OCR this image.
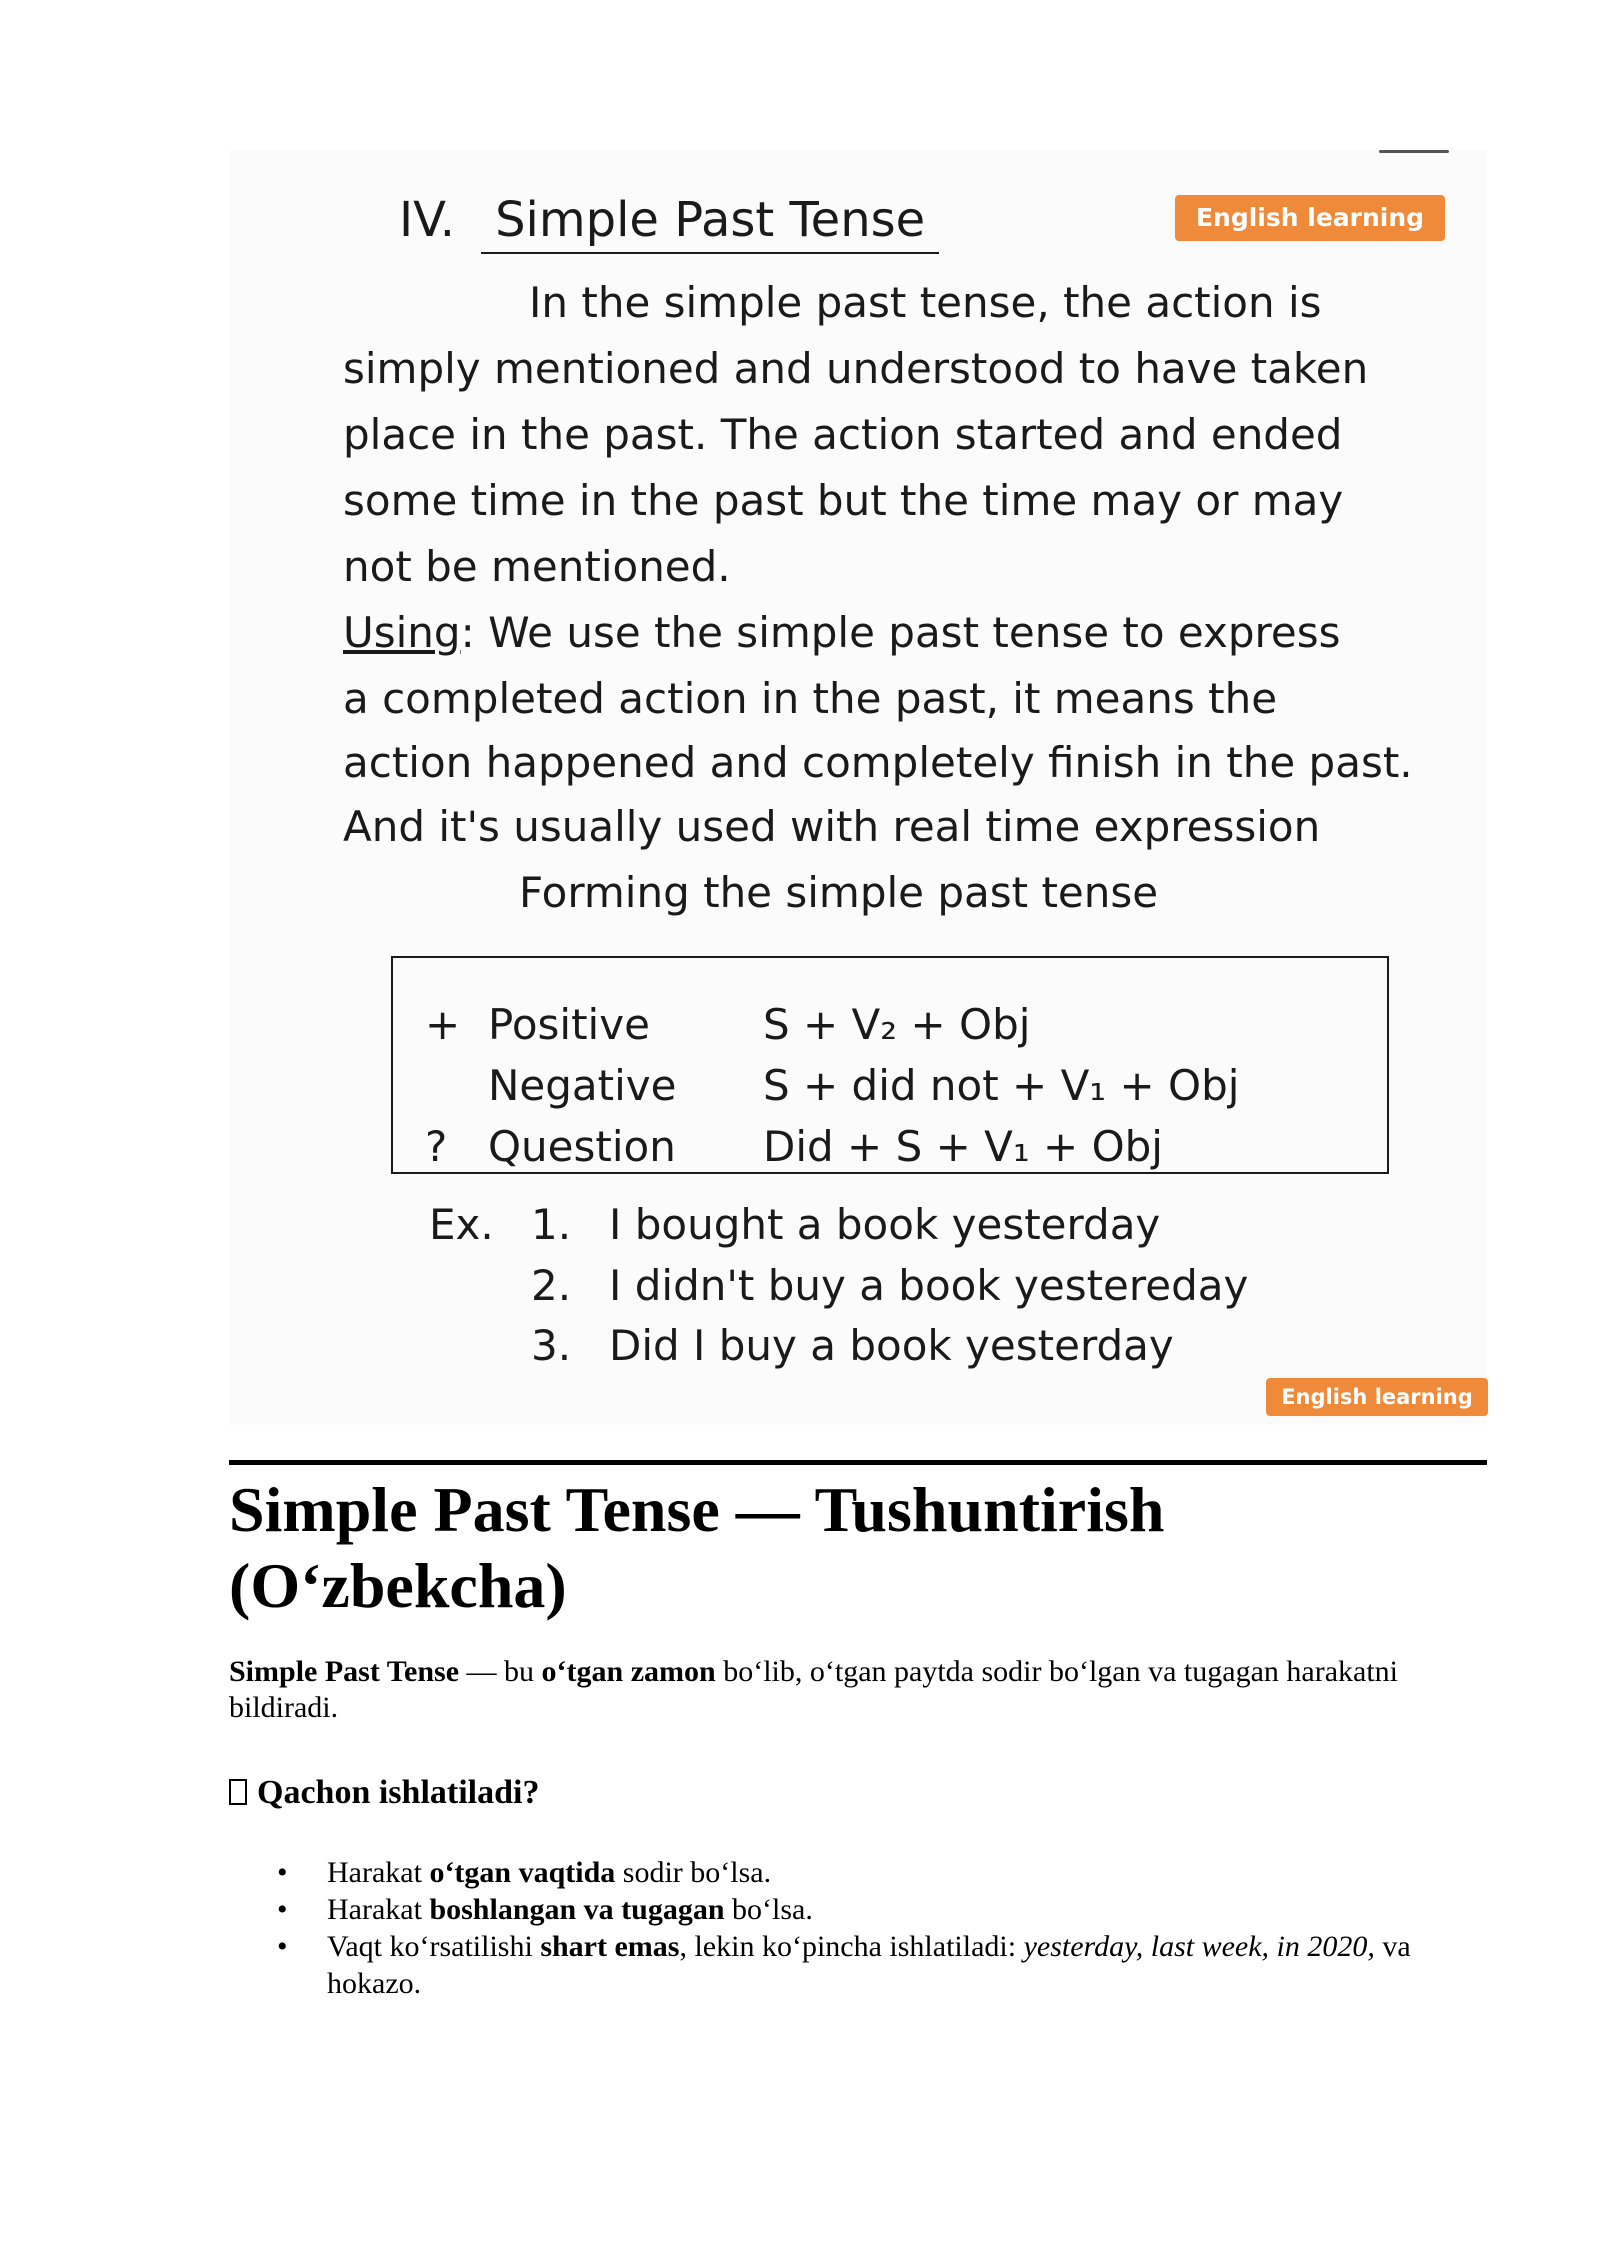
English learning
IV. Simple Past Tense
In the simple past tense, the action is
simply mentioned and understood to have taken
place in the past. The action started and ended
some time in the past but the time may or may
not be mentioned.
Using: We use the simple past tense to express
a completed action in the past, it means the
action happened and completely finish in the past.
And it's usually used with real time expression
Forming the simple past tense
+ Positive	S + V₂ + Obj
Negative S + did not + V₁ + Obj
? Question Did + S + V₁ + Obj
Ex. 1. I bought a book yesterday
2. I didn't buy a book yestereday
3. Did I buy a book yesterday
English learning
Simple Past Tense — Tushuntirish
(O‘zbekcha)
Simple Past Tense — bu o‘tgan zamon bo‘lib, o‘tgan paytda sodir bo‘lgan va tugagan harakatni bildiradi.
Qachon ishlatiladi?
• Harakat o‘tgan vaqtida sodir bo‘lsa.
• Harakat boshlangan va tugagan bo‘lsa.
• Vaqt ko‘rsatilishi shart emas, lekin ko‘pincha ishlatiladi: yesterday, last week, in 2020, va hokazo.
